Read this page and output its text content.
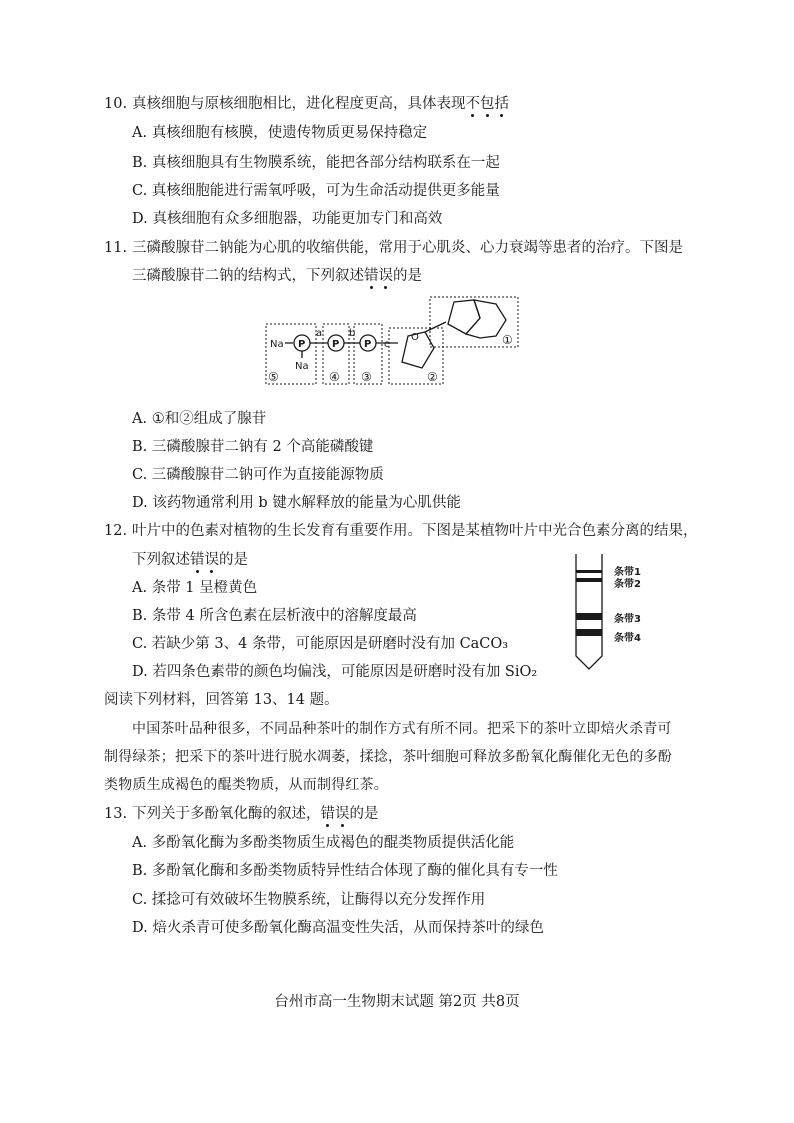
10. 真核细胞与原核细胞相比，进化程度更高，具体表现不包括
A. 真核细胞有核膜，使遗传物质更易保持稳定
B. 真核细胞具有生物膜系统，能把各部分结构联系在一起
C. 真核细胞能进行需氧呼吸，可为生命活动提供更多能量
D. 真核细胞有众多细胞器，功能更加专门和高效
11. 三磷酸腺苷二钠能为心肌的收缩供能，常用于心肌炎、心力衰竭等患者的治疗。下图是
三磷酸腺苷二钠的结构式，下列叙述错误的是
Na P
Na
P P
a	b
c
O
⑤	④ ③	②
①
A. ①和②组成了腺苷
B. 三磷酸腺苷二钠有 2 个高能磷酸键
C. 三磷酸腺苷二钠可作为直接能源物质
D. 该药物通常利用 b 键水解释放的能量为心肌供能
12. 叶片中的色素对植物的生长发育有重要作用。下图是某植物叶片中光合色素分离的结果，
下列叙述错误的是
条带1
条带2
条带3
条带4
A. 条带 1 呈橙黄色
B. 条带 4 所含色素在层析液中的溶解度最高
C. 若缺少第 3、4 条带，可能原因是研磨时没有加 CaCO₃
D. 若四条色素带的颜色均偏浅，可能原因是研磨时没有加 SiO₂
阅读下列材料，回答第 13、14 题。
中国茶叶品种很多，不同品种茶叶的制作方式有所不同。把采下的茶叶立即焙火杀青可
制得绿茶；把采下的茶叶进行脱水凋萎，揉捻，茶叶细胞可释放多酚氧化酶催化无色的多酚
类物质生成褐色的醌类物质，从而制得红茶。
13. 下列关于多酚氧化酶的叙述，错误的是
A. 多酚氧化酶为多酚类物质生成褐色的醌类物质提供活化能
B. 多酚氧化酶和多酚类物质特异性结合体现了酶的催化具有专一性
C. 揉捻可有效破坏生物膜系统，让酶得以充分发挥作用
D. 焙火杀青可使多酚氧化酶高温变性失活，从而保持茶叶的绿色
台州市高一生物期末试题 第2页 共8页
